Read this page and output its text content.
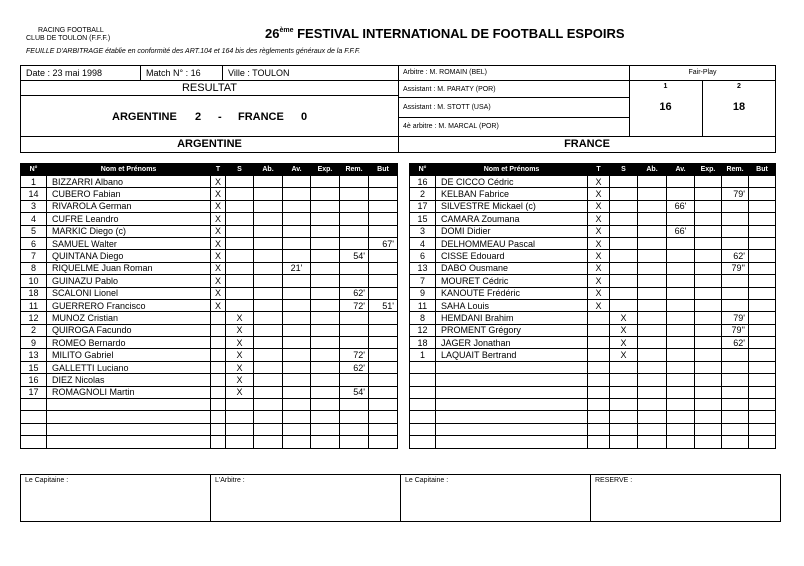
RACING FOOTBALL
CLUB DE TOULON (F.F.F.)	26ème FESTIVAL INTERNATIONAL DE FOOTBALL ESPOIRS
FEUILLE D'ARBITRAGE établie en conformité des ART.104 et 164 bis des règlements généraux de la F.F.F.
Date : 23 mai 1998	Match N° : 16	Ville : TOULON
RESULTAT
ARGENTINE 2 - FRANCE 0
Arbitre : M. ROMAIN (BEL)
Assistant : M. PARATY (POR)
Assistant : M. STOTT (USA)
4è arbitre : M. MARCAL (POR)
Fair-Play
1	2
16	18
ARGENTINE	FRANCE
N°	Nom et Prénoms	T	S	Ab.	Av.	Exp.	Rem.	But
1	BIZZARRI Albano	X						
14	CUBERO Fabian	X						
3	RIVAROLA German	X						
4	CUFRE Leandro	X						
5	MARKIC Diego (c)	X						
6	SAMUEL Walter	X						67'
7	QUINTANA Diego	X					54'	
8	RIQUELME Juan Roman	X			21'			
10	GUINAZU Pablo	X						
18	SCALONI Lionel	X					62'	
11	GUERRERO Francisco	X					72'	51'
12	MUNOZ Cristian		X					
2	QUIROGA Facundo		X					
9	ROMEO Bernardo		X					
13	MILITO Gabriel		X				72'	
15	GALLETTI Luciano		X				62'	
16	DIEZ Nicolas		X					
17	ROMAGNOLI Martin		X				54'	

N°	Nom et Prénoms	T	S	Ab.	Av.	Exp.	Rem.	But
16	DE CICCO Cédric	X						
2	KELBAN Fabrice	X					79'	
17	SILVESTRE Mickael (c)	X			66'			
15	CAMARA Zoumana	X						
3	DOMI Didier	X			66'			
4	DELHOMMEAU Pascal	X						
6	CISSE Edouard	X					62'	
13	DABO Ousmane	X					79''	
7	MOURET Cédric	X						
9	KANOUTE Frédéric	X						
11	SAHA Louis	X						
8	HEMDANI Brahim		X				79'	
12	PROMENT Grégory		X				79''	
18	JAGER Jonathan		X				62'	
1	LAQUAIT Bertrand		X					

Le Capitaine :	L'Arbitre :	Le Capitaine :	RESERVE :
